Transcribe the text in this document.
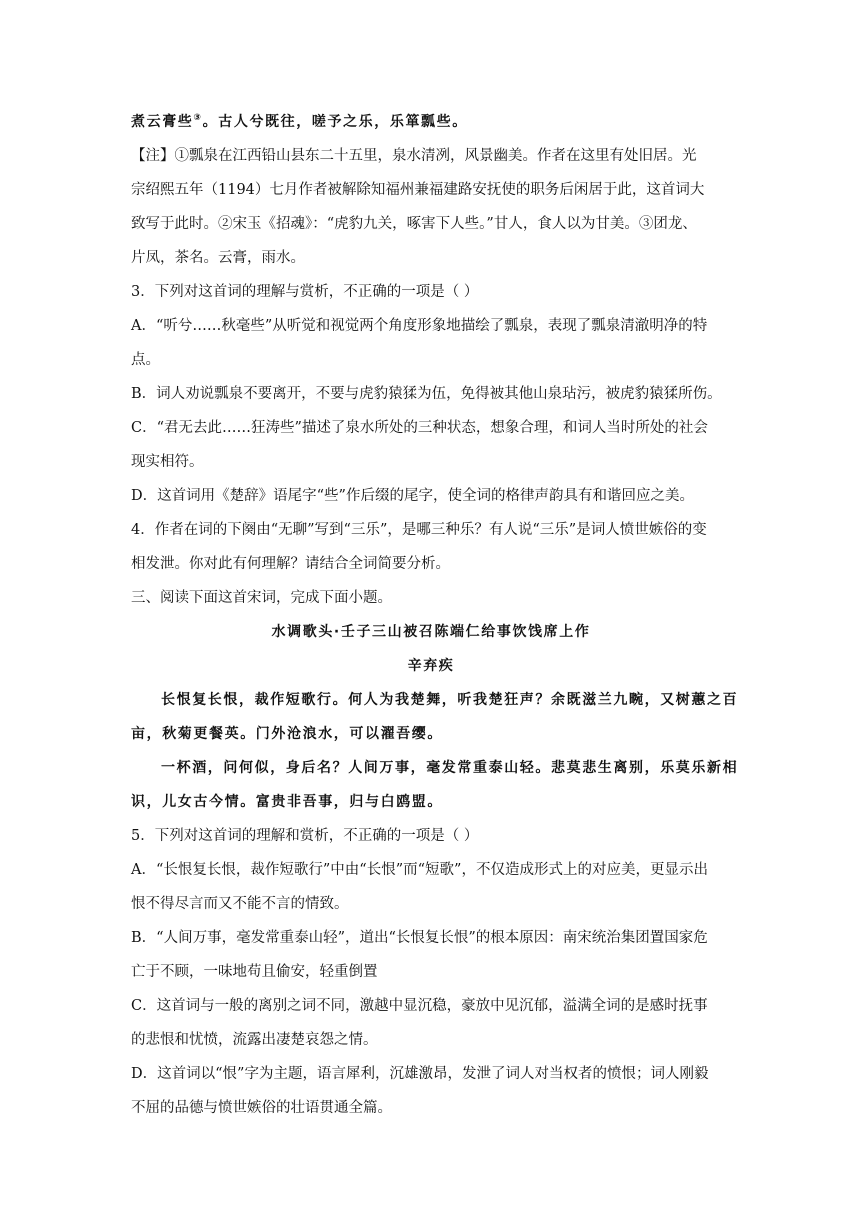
煮云膏些③。古人兮既往，嗟予之乐，乐箪瓢些。
【注】①瓢泉在江西铅山县东二十五里，泉水清冽，风景幽美。作者在这里有处旧居。光
宗绍熙五年（1194）七月作者被解除知福州兼福建路安抚使的职务后闲居于此，这首词大
致写于此时。②宋玉《招魂》：“虎豹九关，啄害下人些。”甘人，食人以为甘美。③团龙、
片凤，茶名。云膏，雨水。
3．下列对这首词的理解与赏析，不正确的一项是（ ）
A．“听兮……秋毫些”从听觉和视觉两个角度形象地描绘了瓢泉，表现了瓢泉清澈明净的特
点。
B．词人劝说瓢泉不要离开，不要与虎豹猿猱为伍，免得被其他山泉玷污，被虎豹猿猱所伤。
C．“君无去此……狂涛些”描述了泉水所处的三种状态，想象合理，和词人当时所处的社会
现实相符。
D．这首词用《楚辞》语尾字“些”作后缀的尾字，使全词的格律声韵具有和谐回应之美。
4．作者在词的下阕由“无聊”写到“三乐”，是哪三种乐？有人说“三乐”是词人愤世嫉俗的变
相发泄。你对此有何理解？请结合全词简要分析。
三、阅读下面这首宋词，完成下面小题。
水调歌头·壬子三山被召陈端仁给事饮饯席上作
辛弃疾
长恨复长恨，裁作短歌行。何人为我楚舞，听我楚狂声？余既滋兰九畹，又树蕙之百
亩，秋菊更餐英。门外沧浪水，可以濯吾缨。
一杯酒，问何似，身后名？人间万事，毫发常重泰山轻。悲莫悲生离别，乐莫乐新相
识，儿女古今情。富贵非吾事，归与白鸥盟。
5．下列对这首词的理解和赏析，不正确的一项是（ ）
A．“长恨复长恨，裁作短歌行”中由“长恨”而“短歌”，不仅造成形式上的对应美，更显示出
恨不得尽言而又不能不言的情致。
B．“人间万事，毫发常重泰山轻”，道出“长恨复长恨”的根本原因：南宋统治集团置国家危
亡于不顾，一味地苟且偷安，轻重倒置
C．这首词与一般的离别之词不同，激越中显沉稳，豪放中见沉郁，溢满全词的是感时抚事
的悲恨和忧愤，流露出凄楚哀怨之情。
D．这首词以“恨”字为主题，语言犀利，沉雄激昂，发泄了词人对当权者的愤恨；词人刚毅
不屈的品德与愤世嫉俗的壮语贯通全篇。
